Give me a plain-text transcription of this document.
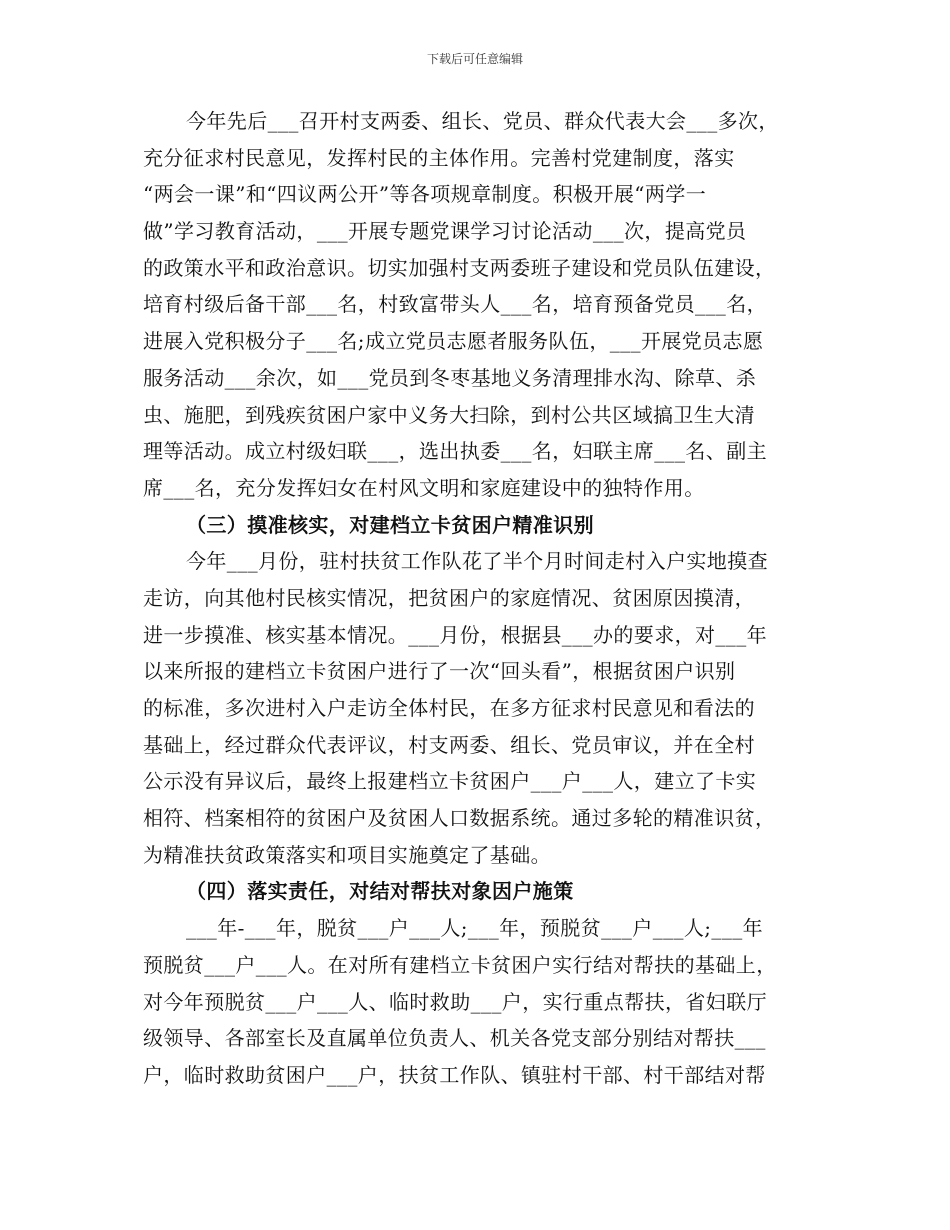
下载后可任意编辑
今年先后___召开村支两委、组长、党员、群众代表大会___多次，
充分征求村民意见，发挥村民的主体作用。完善村党建制度，落实
“两会一课”和“四议两公开”等各项规章制度。积极开展“两学一
做”学习教育活动，___开展专题党课学习讨论活动___次，提高党员
的政策水平和政治意识。切实加强村支两委班子建设和党员队伍建设，
培育村级后备干部___名，村致富带头人___名，培育预备党员___名，
进展入党积极分子___名;成立党员志愿者服务队伍，___开展党员志愿
服务活动___余次，如___党员到冬枣基地义务清理排水沟、除草、杀
虫、施肥，到残疾贫困户家中义务大扫除，到村公共区域搞卫生大清
理等活动。成立村级妇联___，选出执委___名，妇联主席___名、副主
席___名，充分发挥妇女在村风文明和家庭建设中的独特作用。
（三）摸准核实，对建档立卡贫困户精准识别
今年___月份，驻村扶贫工作队花了半个月时间走村入户实地摸查
走访，向其他村民核实情况，把贫困户的家庭情况、贫困原因摸清，
进一步摸准、核实基本情况。___月份，根据县___办的要求，对___年
以来所报的建档立卡贫困户进行了一次“回头看”，根据贫困户识别
的标准，多次进村入户走访全体村民，在多方征求村民意见和看法的
基础上，经过群众代表评议，村支两委、组长、党员审议，并在全村
公示没有异议后，最终上报建档立卡贫困户___户___人，建立了卡实
相符、档案相符的贫困户及贫困人口数据系统。通过多轮的精准识贫，
为精准扶贫政策落实和项目实施奠定了基础。
（四）落实责任，对结对帮扶对象因户施策
___年-___年，脱贫___户___人;___年，预脱贫___户___人;___年
预脱贫___户___人。在对所有建档立卡贫困户实行结对帮扶的基础上，
对今年预脱贫___户___人、临时救助___户，实行重点帮扶，省妇联厅
级领导、各部室长及直属单位负责人、机关各党支部分别结对帮扶___
户，临时救助贫困户___户，扶贫工作队、镇驻村干部、村干部结对帮
